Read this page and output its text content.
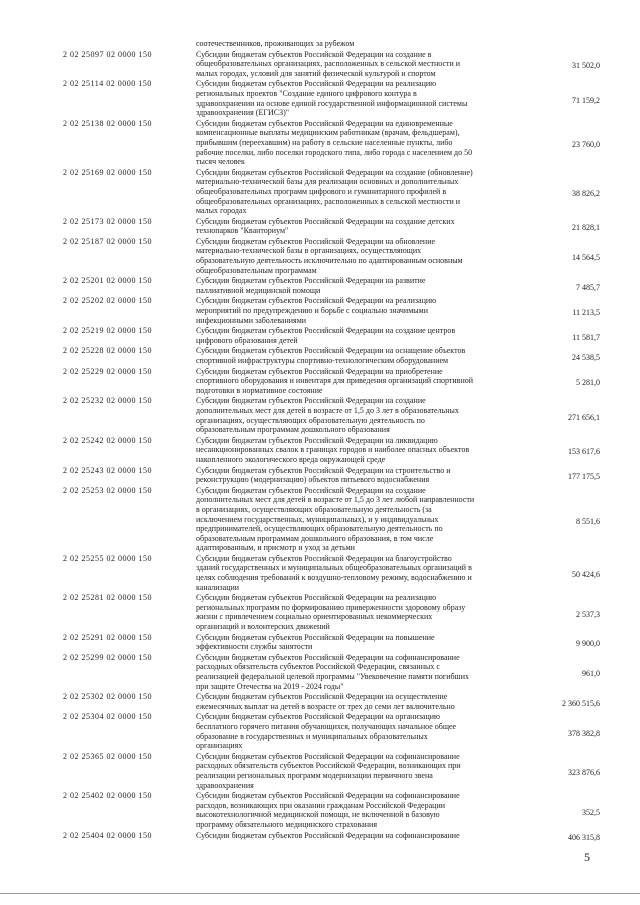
соотечественников, проживающих за рубежом
2 02 25097 02 0000 150	Субсидии бюджетам субъектов Российской Федерации на создание в
общеобразовательных организациях, расположенных в сельской местности и
малых городах, условий для занятий физической культурой и спортом
31 502,0
2 02 25114 02 0000 150	Субсидии бюджетам субъектов Российской Федерации на реализацию
региональных проектов "Создание единого цифрового контура в
здравоохранении на основе единой государственной информационной системы
здравоохранения (ЕГИСЗ)"
71 159,2
2 02 25138 02 0000 150	Субсидии бюджетам субъектов Российской Федерации на единовременные
компенсационные выплаты медицинским работникам (врачам, фельдшерам),
прибывшим (переехавшим) на работу в сельские населенные пункты, либо
рабочие поселки, либо поселки городского типа, либо города с населением до 50
тысяч человек
23 760,0
2 02 25169 02 0000 150	Субсидии бюджетам субъектов Российской Федерации на создание (обновление)
материально-технической базы для реализации основных и дополнительных
общеобразовательных программ цифрового и гуманитарного профилей в
общеобразовательных организациях, расположенных в сельской местности и
малых городах
38 826,2
2 02 25173 02 0000 150	Субсидии бюджетам субъектов Российской Федерации на создание детских
технопарков "Кванториум"	21 828,1
2 02 25187 02 0000 150	Субсидии бюджетам субъектов Российской Федерации на обновление
материально-технической базы в организациях, осуществляющих
образовательную деятельность исключительно по адаптированным основным
общеобразовательным программам
14 564,5
2 02 25201 02 0000 150	Субсидии бюджетам субъектов Российской Федерации на развитие
паллиативной медицинской помощи	7 485,7
2 02 25202 02 0000 150	Субсидии бюджетам субъектов Российской Федерации на реализацию
мероприятий по предупреждению и борьбе с социально значимыми
инфекционными заболеваниями
11 213,5
2 02 25219 02 0000 150	Субсидии бюджетам субъектов Российской Федерации на создание центров
цифрового образования детей	11 581,7
2 02 25228 02 0000 150	Субсидии бюджетам субъектов Российской Федерации на оснащение объектов
спортивной инфраструктуры спортивно-технологическим оборудованием	24 538,5
2 02 25229 02 0000 150	Субсидии бюджетам субъектов Российской Федерации на приобретение
спортивного оборудования и инвентаря для приведения организаций спортивной
подготовки в нормативное состояние
5 281,0
2 02 25232 02 0000 150	Субсидии бюджетам субъектов Российской Федерации на создание
дополнительных мест для детей в возрасте от 1,5 до 3 лет в образовательных
организациях, осуществляющих образовательную деятельность по
образовательным программам дошкольного образования
271 656,1
2 02 25242 02 0000 150	Субсидии бюджетам субъектов Российской Федерации на ликвидацию
несанкционированных свалок в границах городов и наиболее опасных объектов
накопленного экологического вреда окружающей среде
153 617,6
2 02 25243 02 0000 150	Субсидии бюджетам субъектов Российской Федерации на строительство и
реконструкцию (модернизацию) объектов питьевого водоснабжения	177 175,5
2 02 25253 02 0000 150	Субсидии бюджетам субъектов Российской Федерации на создание
дополнительных мест для детей в возрасте от 1,5 до 3 лет любой направленности
в организациях, осуществляющих образовательную деятельность (за
исключением государственных, муниципальных), и у индивидуальных
предпринимателей, осуществляющих образовательную деятельность по
образовательным программам дошкольного образования, в том числе
адаптированным, и присмотр и уход за детьми
8 551,6
2 02 25255 02 0000 150	Субсидии бюджетам субъектов Российской Федерации на благоустройство
зданий государственных и муниципальных общеобразовательных организаций в
целях соблюдения требований к воздушно-тепловому режиму, водоснабжению и
канализации
50 424,6
2 02 25281 02 0000 150	Субсидии бюджетам субъектов Российской Федерации на реализацию
региональных программ по формированию приверженности здоровому образу
жизни с привлечением социально ориентированных некоммерческих
организаций и волонтерских движений
2 537,3
2 02 25291 02 0000 150	Субсидии бюджетам субъектов Российской Федерации на повышение
эффективности службы занятости	9 900,0
2 02 25299 02 0000 150	Субсидии бюджетам субъектов Российской Федерации на софинансирование
расходных обязательств субъектов Российской Федерации, связанных с
реализацией федеральной целевой программы "Увековечение памяти погибших
при защите Отечества на 2019 - 2024 годы"
961,0
2 02 25302 02 0000 150	Субсидии бюджетам субъектов Российской Федерации на осуществление
ежемесячных выплат на детей в возрасте от трех до семи лет включительно	2 360 515,6
2 02 25304 02 0000 150	Субсидии бюджетам субъектов Российской Федерации на организацию
бесплатного горячего питания обучающихся, получающих начальное общее
образование в государственных и муниципальных образовательных
организациях
378 382,8
2 02 25365 02 0000 150	Субсидии бюджетам субъектов Российской Федерации на софинансирование
расходных обязательств субъектов Российской Федерации, возникающих при
реализации региональных программ модернизации первичного звена
здравоохранения
323 876,6
2 02 25402 02 0000 150	Субсидии бюджетам субъектов Российской Федерации на софинансирование
расходов, возникающих при оказании гражданам Российской Федерации
высокотехнологичной медицинской помощи, не включенной в базовую
программу обязательного медицинского страхования
352,5
2 02 25404 02 0000 150	Субсидии бюджетам субъектов Российской Федерации на софинансирование	406 315,8
5
